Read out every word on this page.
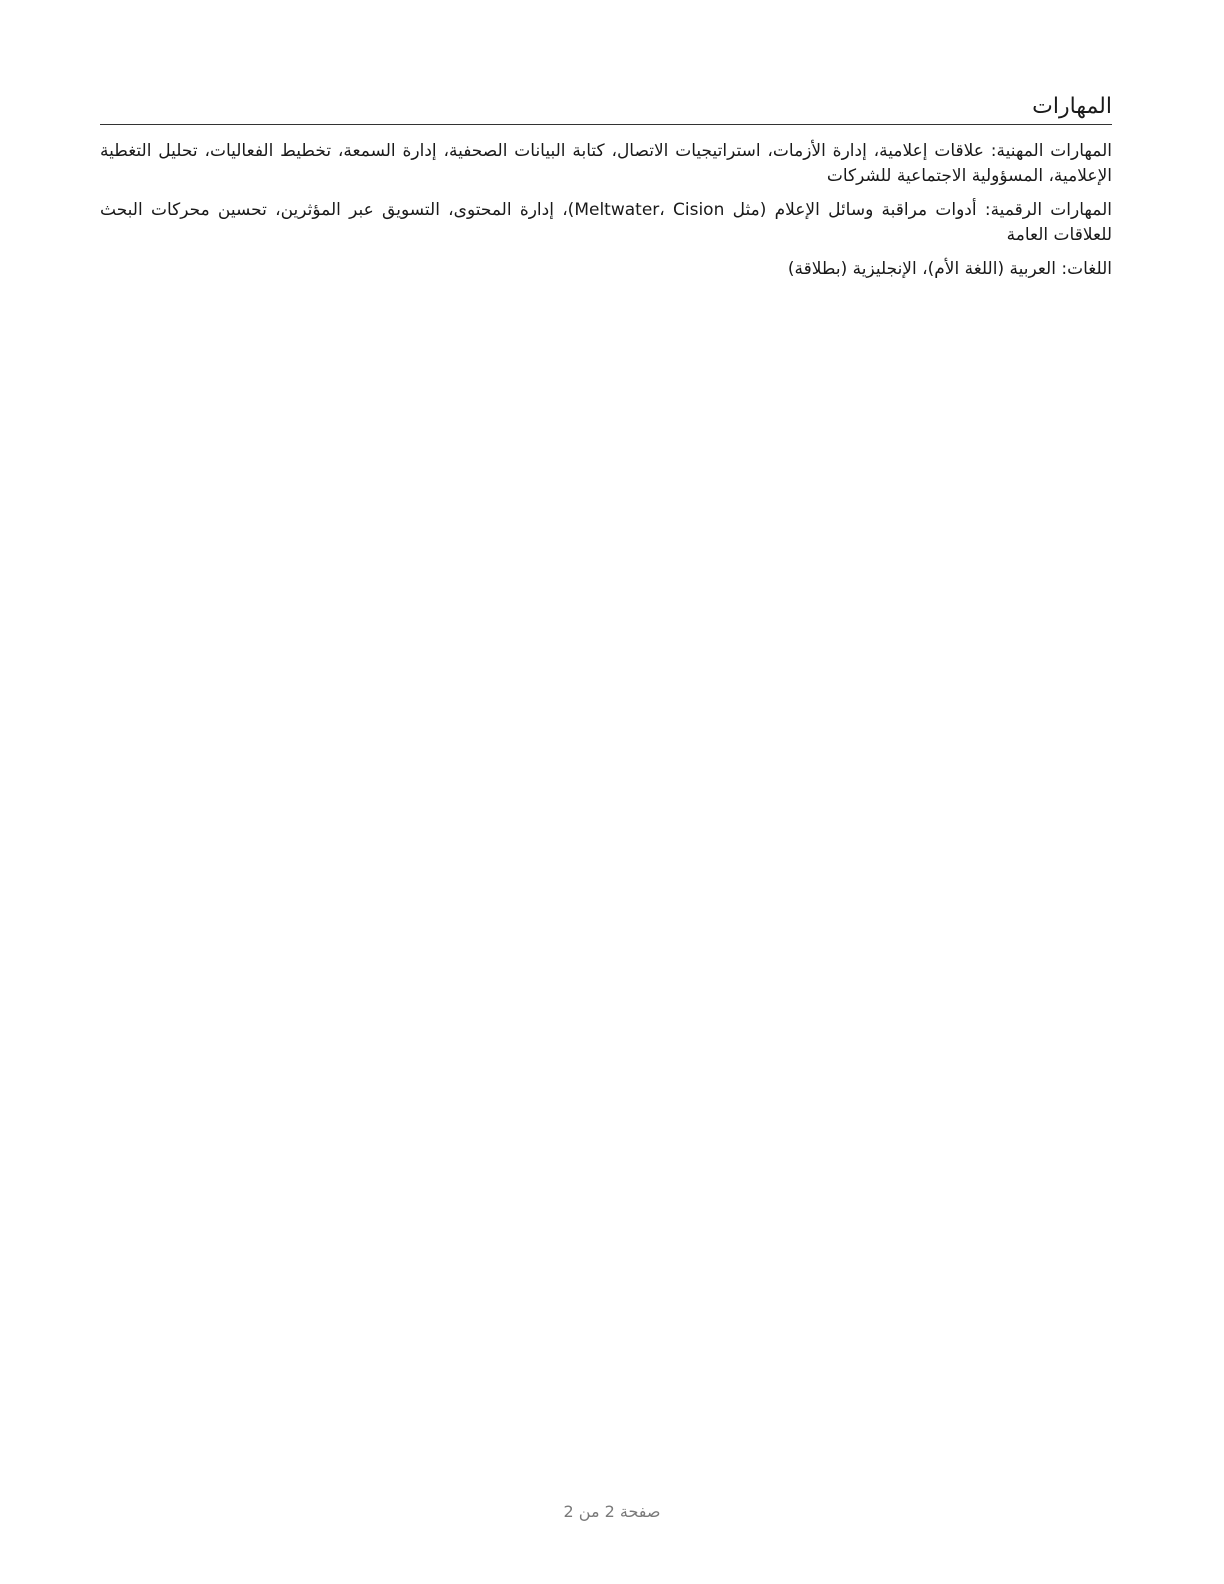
المهارات

المهارات المهنية: علاقات إعلامية، إدارة الأزمات، استراتيجيات الاتصال، كتابة البيانات الصحفية، إدارة السمعة، تخطيط الفعاليات، تحليل التغطية الإعلامية، المسؤولية الاجتماعية للشركات

المهارات الرقمية: أدوات مراقبة وسائل الإعلام (مثل Meltwater، Cision)، إدارة المحتوى، التسويق عبر المؤثرين، تحسين محركات البحث للعلاقات العامة

اللغات: العربية (اللغة الأم)، الإنجليزية (بطلاقة)

صفحة 2 من 2
